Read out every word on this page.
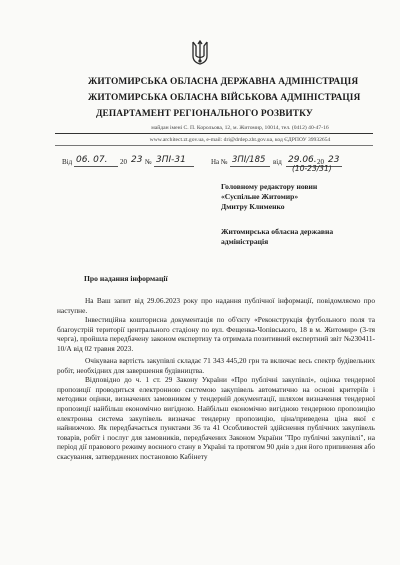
ЖИТОМИРСЬКА ОБЛАСНА ДЕРЖАВНА АДМІНІСТРАЦІЯ
ЖИТОМИРСЬКА ОБЛАСНА ВІЙСЬКОВА АДМІНІСТРАЦІЯ
ДЕПАРТАМЕНТ РЕГІОНАЛЬНОГО РОЗВИТКУ
майдан імені С. П. Корольова, 12, м. Житомир, 10014, тел. (0412) 40-47-16
www.architect.zt.gov.ua, e-mail: dri@drdep.zht.gov.ua, код ЄДРПОУ 39932654
Від 06. 07. 20 23 № 3ПІ-31	На № 3ПІ/185 від 29.06. 20 23
(10-23/31)
Головному редактору новин
«Суспільне Житомир»
Дмитру Клименко
Житомирська обласна державна адміністрація
Про надання інформації

На Ваш запит від 29.06.2023 року про надання публічної інформації, повідомляємо про наступне.

Інвестиційна кошторисна документація по об'єкту «Реконструкція футбольного поля та благоустрій території центрального стадіону по вул. Фещенка-Чопівського, 18 в м. Житомир» (3-тя черга), пройшла передбачену законом експертизу та отримала позитивний експертний звіт №230411-10/А від 02 травня 2023.

Очікувана вартість закупівлі складає 71 343 445,20 грн та включає весь спектр будівельних робіт, необхідних для завершення будівництва.

Відповідно до ч. 1 ст. 29 Закону України «Про публічні закупівлі», оцінка тендерної пропозиції проводиться електронною системою закупівель автоматично на основі критеріїв і методики оцінки, визначених замовником у тендерній документації, шляхом визначення тендерної пропозиції найбільш економічно вигідною. Найбільш економічно вигідною тендерною пропозицію електронна система закупівель визначає тендерну пропозицію, ціна/приведена ціна якої є найнижчою. Як передбачається пунктами 36 та 41 Особливостей здійснення публічних закупівель товарів, робіт і послуг для замовників, передбачених Законом України "Про публічні закупівлі", на період дії правового режиму воєнного стану в Україні та протягом 90 днів з дня його припинення або скасування, затверджених постановою Кабінету
